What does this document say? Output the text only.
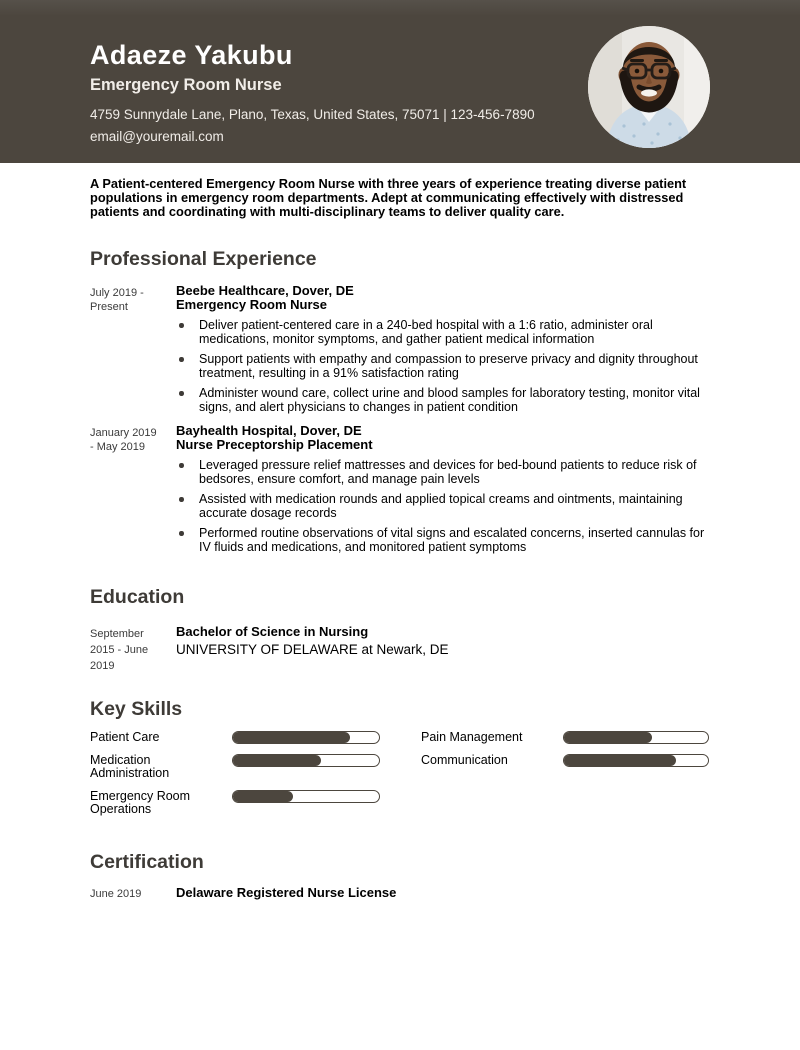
Adaeze Yakubu
Emergency Room Nurse
4759 Sunnydale Lane, Plano, Texas, United States, 75071 | 123-456-7890
email@youremail.com

A Patient-centered Emergency Room Nurse with three years of experience treating diverse patient populations in emergency room departments. Adept at communicating effectively with distressed patients and coordinating with multi-disciplinary teams to deliver quality care.

Professional Experience
July 2019 -
Present
Beebe Healthcare, Dover, DE
Emergency Room Nurse
Deliver patient-centered care in a 240-bed hospital with a 1:6 ratio, administer oral medications, monitor symptoms, and gather patient medical information
Support patients with empathy and compassion to preserve privacy and dignity throughout treatment, resulting in a 91% satisfaction rating
Administer wound care, collect urine and blood samples for laboratory testing, monitor vital signs, and alert physicians to changes in patient condition
January 2019
- May 2019
Bayhealth Hospital, Dover, DE
Nurse Preceptorship Placement
Leveraged pressure relief mattresses and devices for bed-bound patients to reduce risk of bedsores, ensure comfort, and manage pain levels
Assisted with medication rounds and applied topical creams and ointments, maintaining accurate dosage records
Performed routine observations of vital signs and escalated concerns, inserted cannulas for IV fluids and medications, and monitored patient symptoms
Education
September
2015 - June
2019
Bachelor of Science in Nursing
UNIVERSITY OF DELAWARE at Newark, DE
Key Skills
Patient Care
Medication Administration
Emergency Room Operations
Pain Management
Communication
Certification
June 2019	Delaware Registered Nurse License
